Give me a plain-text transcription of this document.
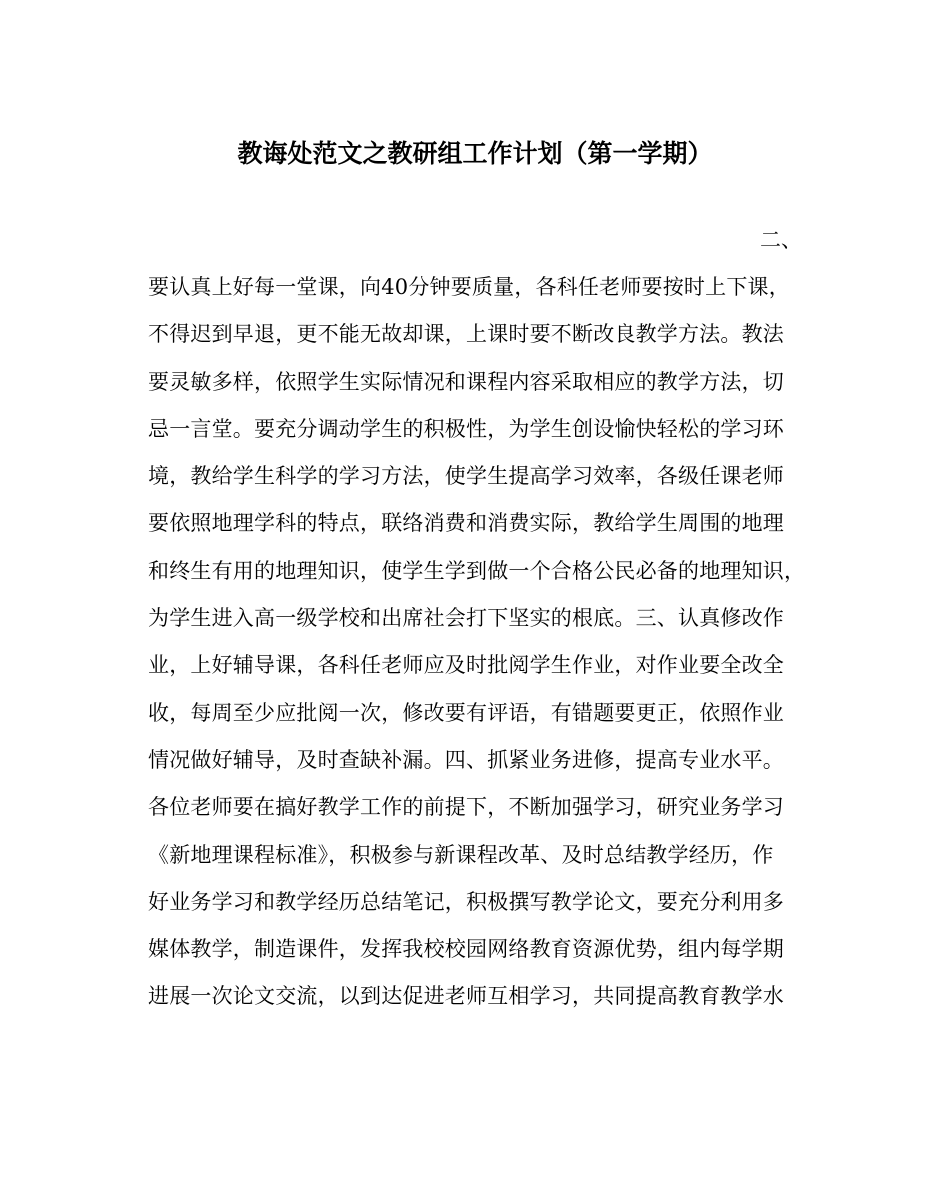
教诲处范文之教研组工作计划（第一学期）
二、
要认真上好每一堂课，向40分钟要质量，各科任老师要按时上下课，
不得迟到早退，更不能无故却课，上课时要不断改良教学方法。教法
要灵敏多样，依照学生实际情况和课程内容采取相应的教学方法，切
忌一言堂。要充分调动学生的积极性，为学生创设愉快轻松的学习环
境，教给学生科学的学习方法，使学生提高学习效率，各级任课老师
要依照地理学科的特点，联络消费和消费实际，教给学生周围的地理
和终生有用的地理知识，使学生学到做一个合格公民必备的地理知识，
为学生进入高一级学校和出席社会打下坚实的根底。三、认真修改作
业，上好辅导课，各科任老师应及时批阅学生作业，对作业要全改全
收，每周至少应批阅一次，修改要有评语，有错题要更正，依照作业
情况做好辅导，及时查缺补漏。四、抓紧业务进修，提高专业水平。
各位老师要在搞好教学工作的前提下，不断加强学习，研究业务学习
《新地理课程标准》，积极参与新课程改革、及时总结教学经历，作
好业务学习和教学经历总结笔记，积极撰写教学论文，要充分利用多
媒体教学，制造课件，发挥我校校园网络教育资源优势，组内每学期
进展一次论文交流，以到达促进老师互相学习，共同提高教育教学水
